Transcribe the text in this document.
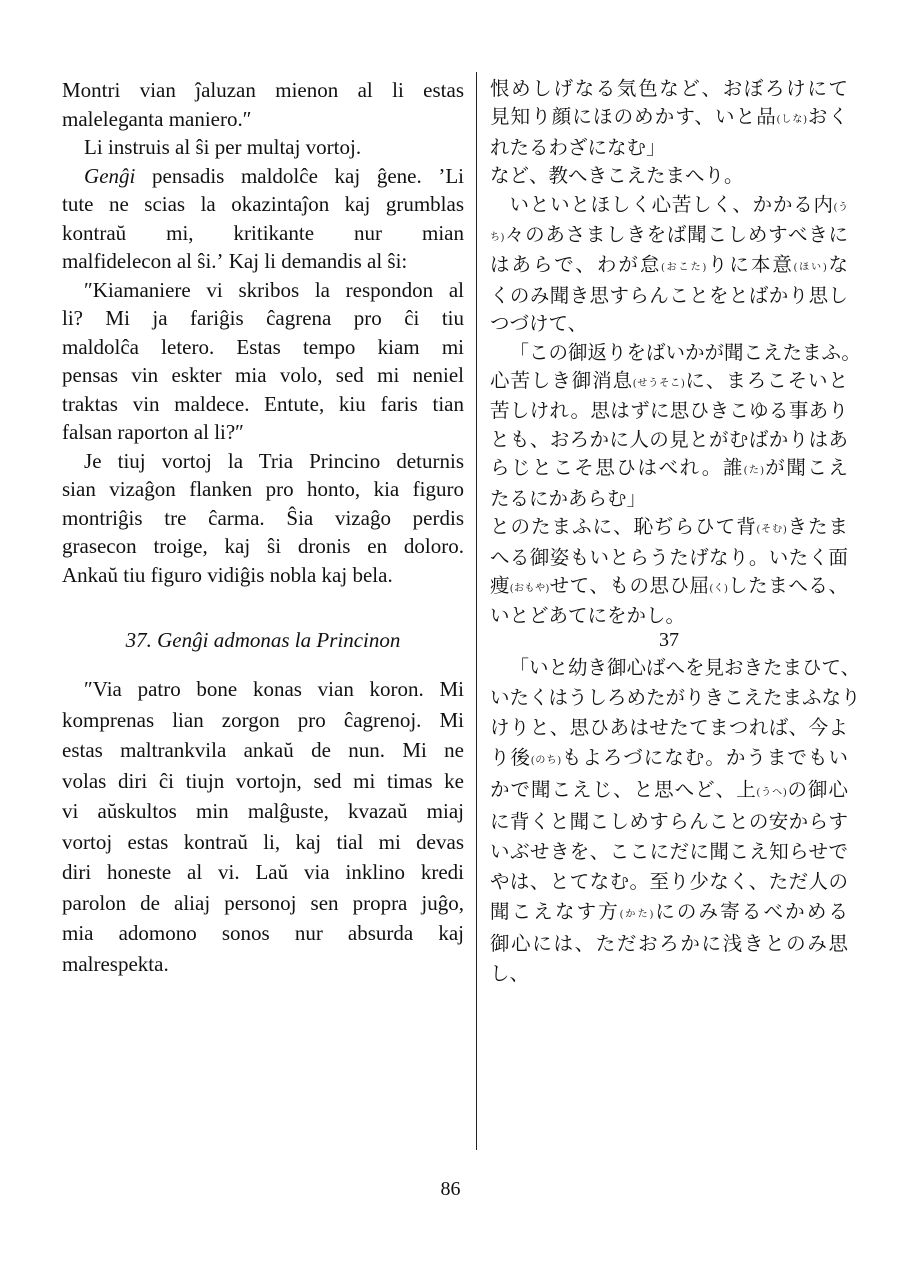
Montri vian ĵaluzan mienon al li estas
maleleganta maniero.″
Li instruis al ŝi per multaj vortoj.
Genĝi pensadis maldolĉe kaj ĝene. ʼLi
tute ne scias la okazintaĵon kaj grumblas
kontraŭ mi, kritikante nur mian
malfidelecon al ŝi.ʼ Kaj li demandis al ŝi:
″Kiamaniere vi skribos la respondon al
li? Mi ja fariĝis ĉagrena pro ĉi tiu
maldolĉa letero. Estas tempo kiam mi
pensas vin eskter mia volo, sed mi neniel
traktas vin maldece. Entute, kiu faris tian
falsan raporton al li?″
Je tiuj vortoj la Tria Princino deturnis
sian vizaĝon flanken pro honto, kia figuro
montriĝis tre ĉarma. Ŝia vizaĝo perdis
grasecon troige, kaj ŝi dronis en doloro.
Ankaŭ tiu figuro vidiĝis nobla kaj bela.
37. Genĝi admonas la Princinon
″Via patro bone konas vian koron. Mi
komprenas lian zorgon pro ĉagrenoj. Mi
estas maltrankvila ankaŭ de nun. Mi ne
volas diri ĉi tiujn vortojn, sed mi timas ke
vi aŭskultos min malĝuste, kvazaŭ miaj
vortoj estas kontraŭ li, kaj tial mi devas
diri honeste al vi. Laŭ via inklino kredi
parolon de aliaj personoj sen propra juĝo,
mia adomono sonos nur absurda kaj
malrespekta.
恨めしげなる気色など、おぼろけにて
見知り顔にほのめかす、いと品(しな)おく
れたるわざになむ」
など、教へきこえたまへり。
いといとほしく心苦しく、かかる内(う
ち)々のあさましきをば聞こしめすべきに
はあらで、わが怠(おこた)りに本意(ほい)な
くのみ聞き思すらんことをとばかり思し
つづけて、
「この御返りをばいかが聞こえたまふ。
心苦しき御消息(せうそこ)に、まろこそいと
苦しけれ。思はずに思ひきこゆる事あり
とも、おろかに人の見とがむばかりはあ
らじとこそ思ひはべれ。誰(た)が聞こえ
たるにかあらむ」
とのたまふに、恥ぢらひて背(そむ)きたま
へる御姿もいとらうたげなり。いたく面
痩(おもや)せて、もの思ひ屈(く)したまへる、
いとどあてにをかし。
37
「いと幼き御心ばへを見おきたまひて、
いたくはうしろめたがりきこえたまふなり
けりと、思ひあはせたてまつれば、今よ
り後(のち)もよろづになむ。かうまでもい
かで聞こえじ、と思へど、上(うへ)の御心
に背くと聞こしめすらんことの安からす
いぶせきを、ここにだに聞こえ知らせで
やは、とてなむ。至り少なく、ただ人の
聞こえなす方(かた)にのみ寄るべかめる
御心には、ただおろかに浅きとのみ思
し、
86
